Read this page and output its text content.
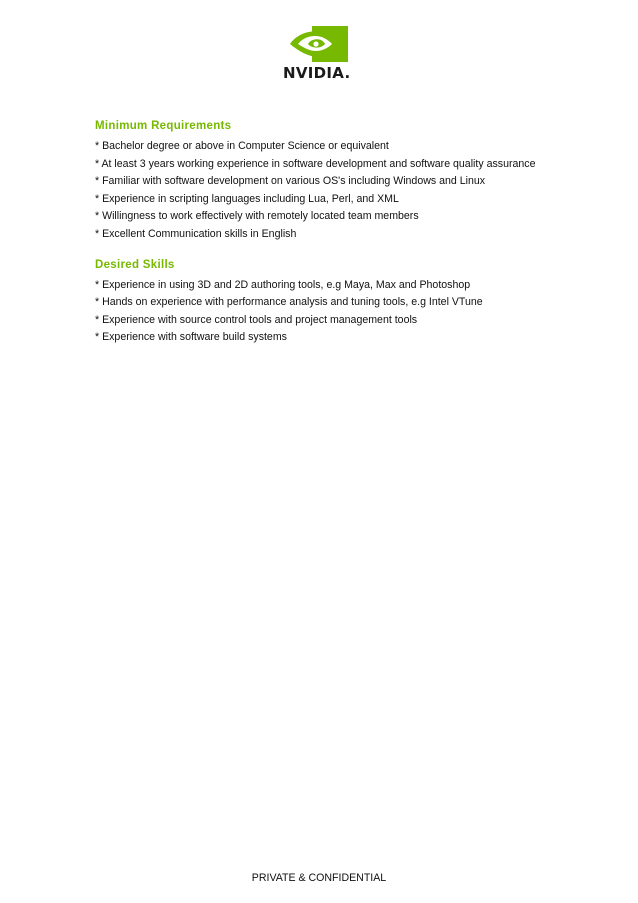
NVIDIA.
Minimum Requirements
* Bachelor degree or above in Computer Science or equivalent
* At least 3 years working experience in software development and software quality assurance
* Familiar with software development on various OS's including Windows and Linux
* Experience in scripting languages including Lua, Perl, and XML
* Willingness to work effectively with remotely located team members
* Excellent Communication skills in English
Desired Skills
* Experience in using 3D and 2D authoring tools, e.g Maya, Max and Photoshop
* Hands on experience with performance analysis and tuning tools, e.g Intel VTune
* Experience with source control tools and project management tools
* Experience with software build systems
PRIVATE & CONFIDENTIAL
